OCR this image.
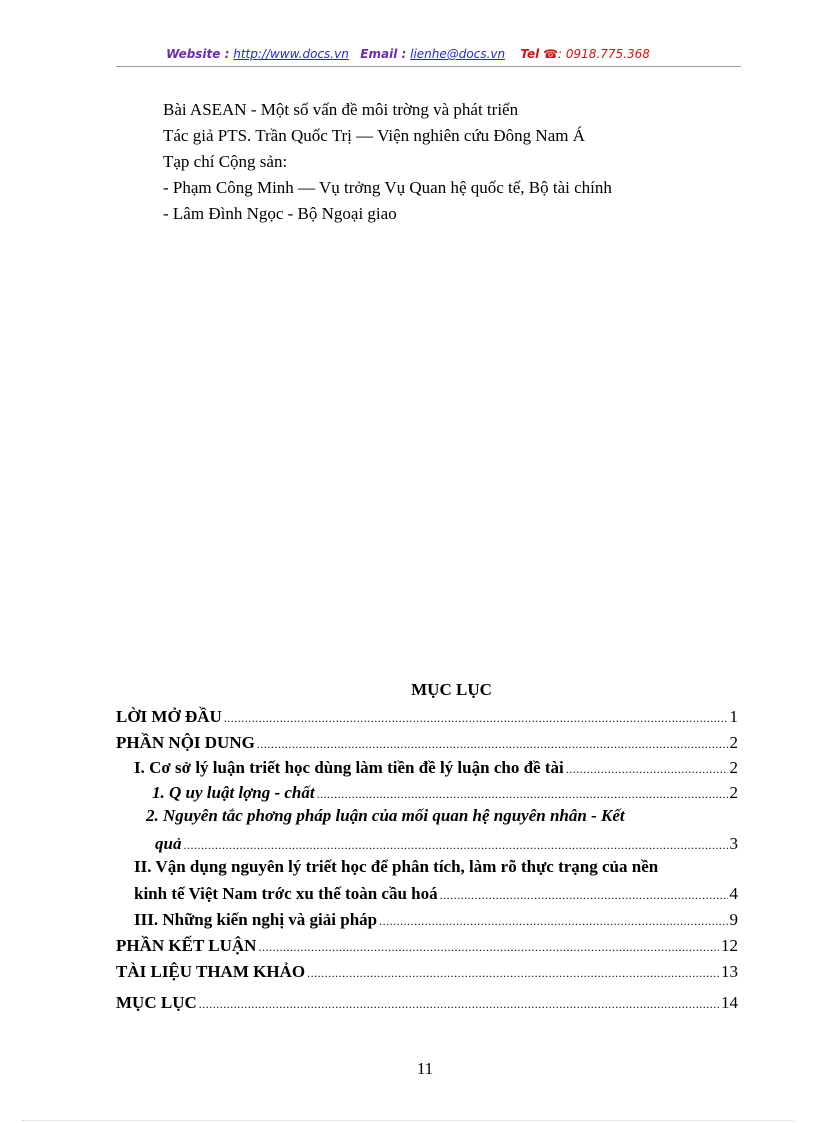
Website : http://www.docs.vn Email : lienhe@docs.vn Tel ☎: 0918.775.368
Bài ASEAN - Một số vấn đề môi trờng và phát triển
Tác giả PTS. Trần Quốc Trị — Viện nghiên cứu Đông Nam Á
Tạp chí Cộng sản:
- Phạm Công Minh — Vụ trởng Vụ Quan hệ quốc tế, Bộ tài chính
- Lâm Đình Ngọc - Bộ Ngoại giao
MỤC LỤC
LỜI MỞ ĐẦU .....	1
PHẦN NỘI DUNG .....	2
I. Cơ sở lý luận triết học dùng làm tiền đề lý luận cho đề tài .....	2
1. Q uy luật lợng - chất .....	2
2. Nguyên tắc phơng pháp luận của mối quan hệ nguyên nhân - Kết
quả .....	3
II. Vận dụng nguyên lý triết học để phân tích, làm rõ thực trạng của nền
kinh tế Việt Nam trớc xu thế toàn cầu hoá .....	4
III. Những kiến nghị và giải pháp .....	9
PHẦN KẾT LUẬN .....	12
TÀI LIỆU THAM KHẢO .....	13
MỤC LỤC .....	14
11
